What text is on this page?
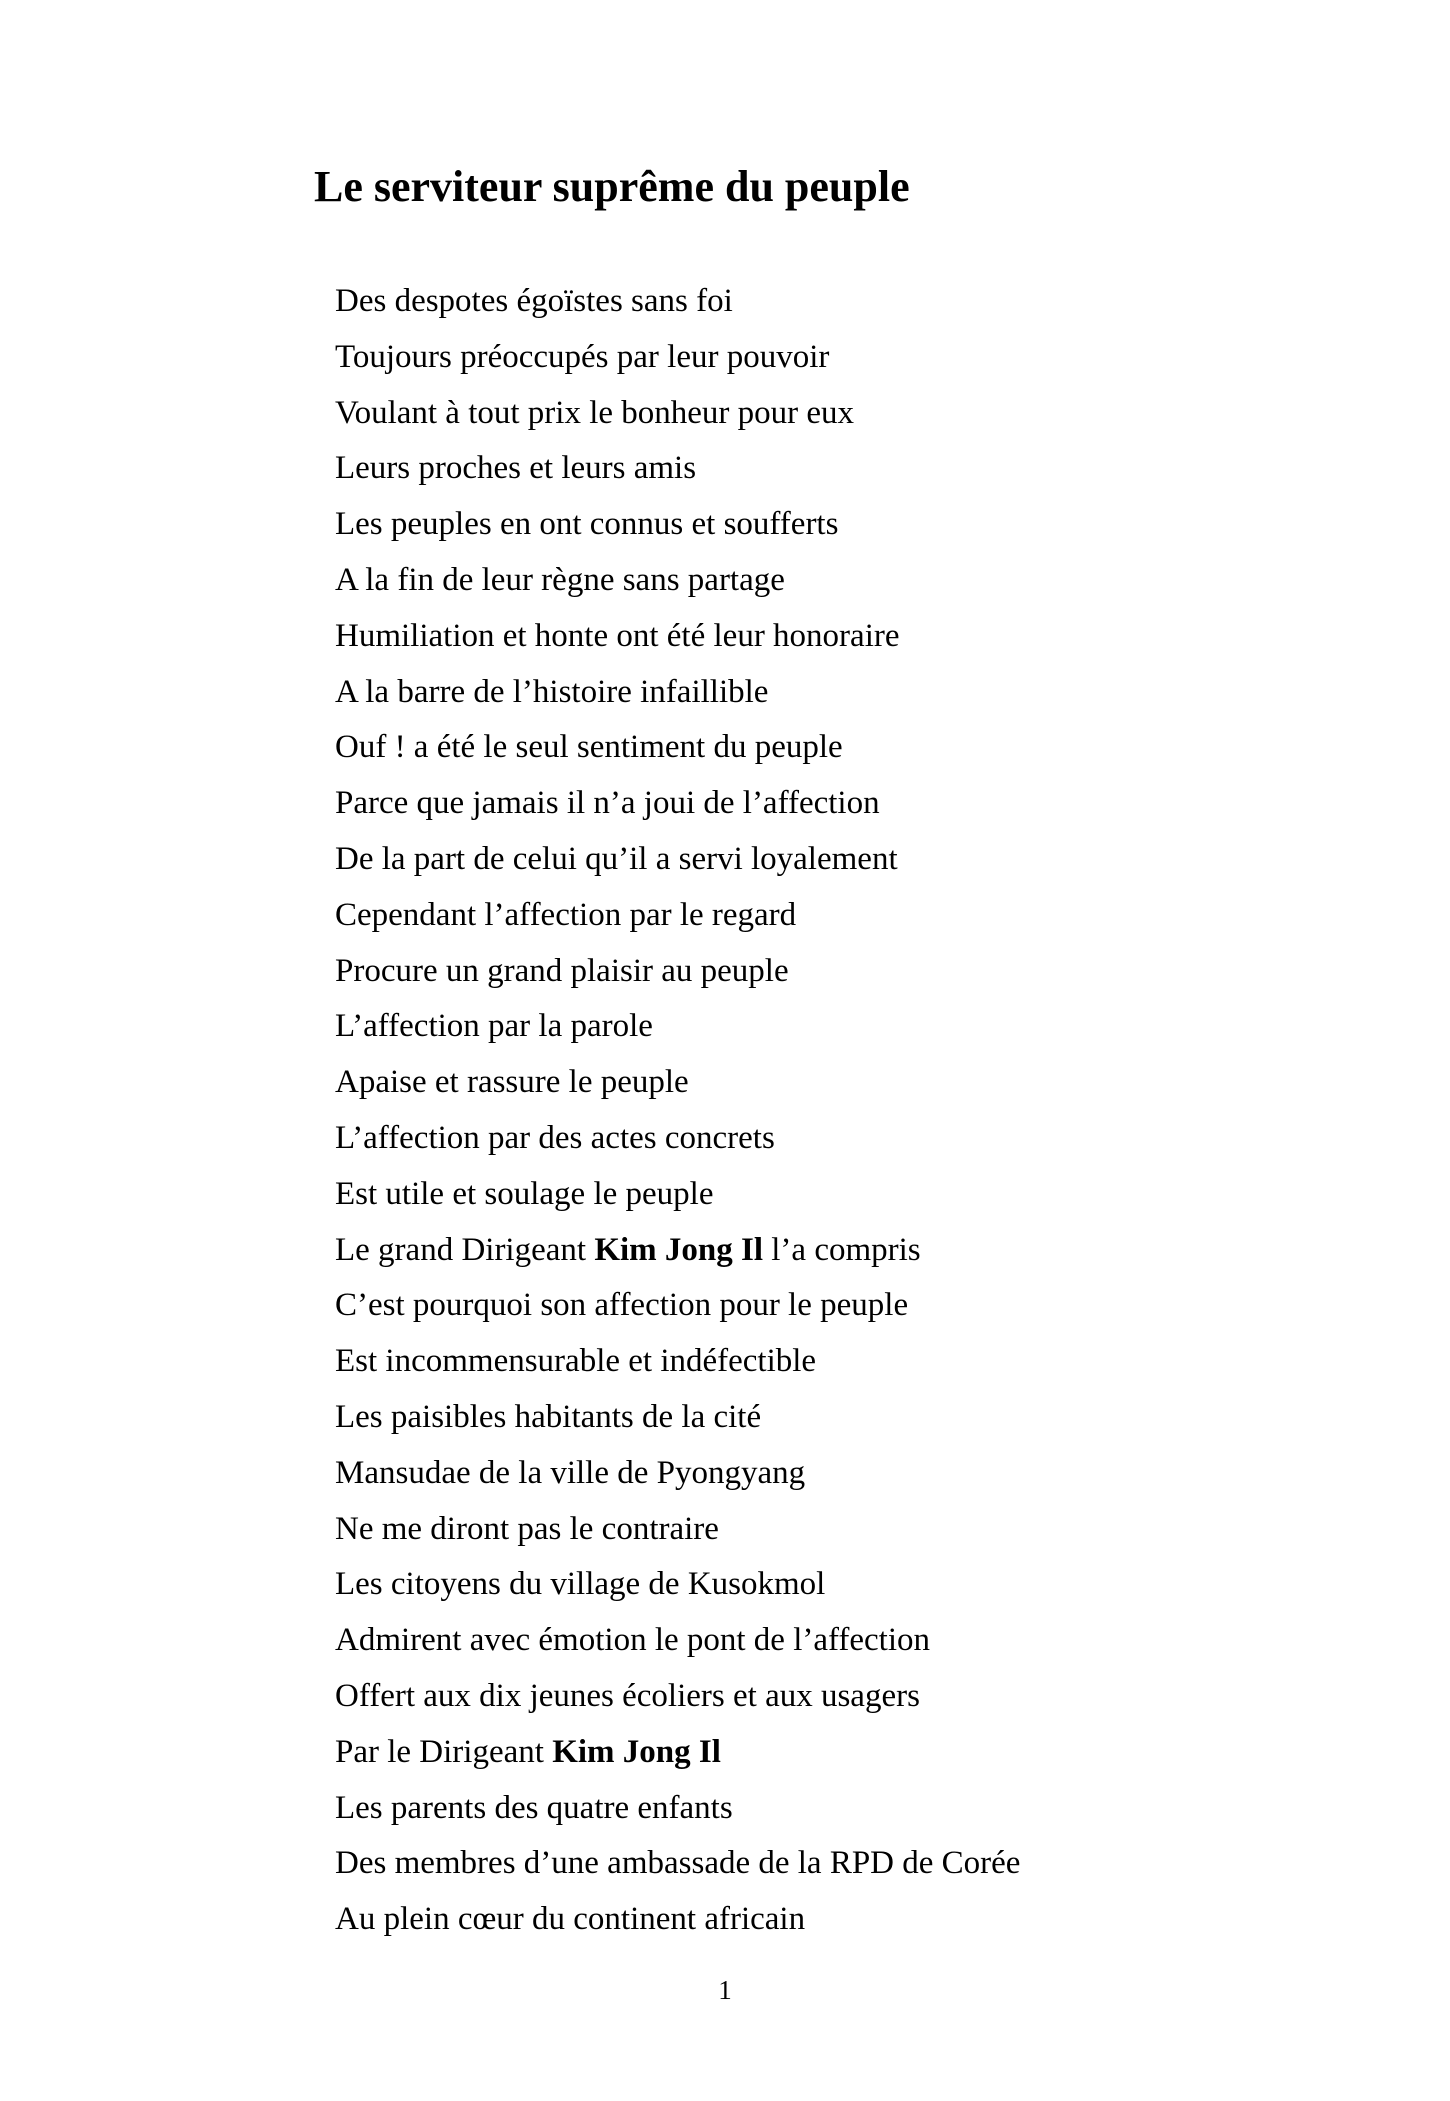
Le serviteur suprême du peuple
Des despotes égoïstes sans foi
Toujours préoccupés par leur pouvoir
Voulant à tout prix le bonheur pour eux
Leurs proches et leurs amis
Les peuples en ont connus et soufferts
A la fin de leur règne sans partage
Humiliation et honte ont été leur honoraire
A la barre de l’histoire infaillible
Ouf ! a été le seul sentiment du peuple
Parce que jamais il n’a joui de l’affection
De la part de celui qu’il a servi loyalement
Cependant l’affection par le regard
Procure un grand plaisir au peuple
L’affection par la parole
Apaise et rassure le peuple
L’affection par des actes concrets
Est utile et soulage le peuple
Le grand Dirigeant Kim Jong Il l’a compris
C’est pourquoi son affection pour le peuple
Est incommensurable et indéfectible
Les paisibles habitants de la cité
Mansudae de la ville de Pyongyang
Ne me diront pas le contraire
Les citoyens du village de Kusokmol
Admirent avec émotion le pont de l’affection
Offert aux dix jeunes écoliers et aux usagers
Par le Dirigeant Kim Jong Il
Les parents des quatre enfants
Des membres d’une ambassade de la RPD de Corée
Au plein cœur du continent africain
1
